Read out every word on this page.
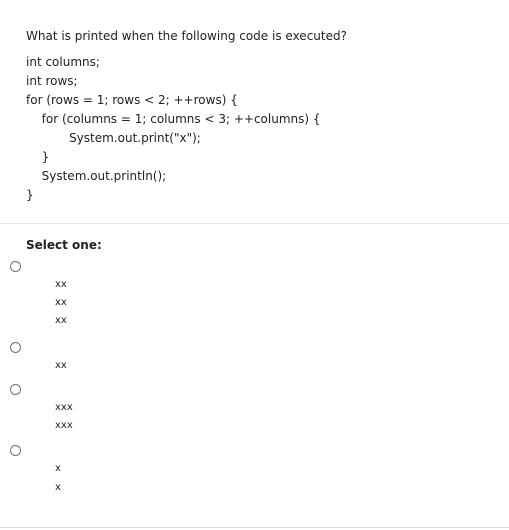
What is printed when the following code is executed?
int columns;
int rows;
for (rows = 1; rows < 2; ++rows) {
for (columns = 1; columns < 3; ++columns) {
System.out.print("x");
}
System.out.println();
}
Select one:
xx
xx
xx
xx
xxx
xxx
x
x
